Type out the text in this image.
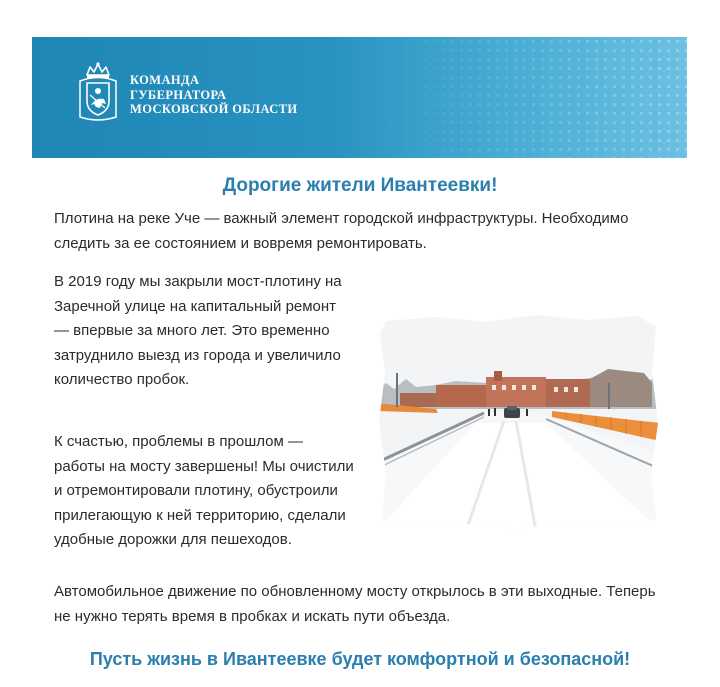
КОМАНДА
ГУБЕРНАТОРА
МОСКОВСКОЙ ОБЛАСТИ
Дорогие жители Ивантеевки!

Плотина на реке Уче — важный элемент городской инфраструктуры. Необходимо следить за ее состоянием и вовремя ремонтировать.

В 2019 году мы закрыли мост-плотину на Заречной улице на капитальный ремонт — впервые за много лет. Это временно затруднило выезд из города и увеличило количество пробок.

К счастью, проблемы в прошлом — работы на мосту завершены! Мы очистили и отремонтировали плотину, обустроили прилегающую к ней территорию, сделали удобные дорожки для пешеходов.

Автомобильное движение по обновленному мосту открылось в эти выходные. Теперь не нужно терять время в пробках и искать пути объезда.

Пусть жизнь в Ивантеевке будет комфортной и безопасной!
